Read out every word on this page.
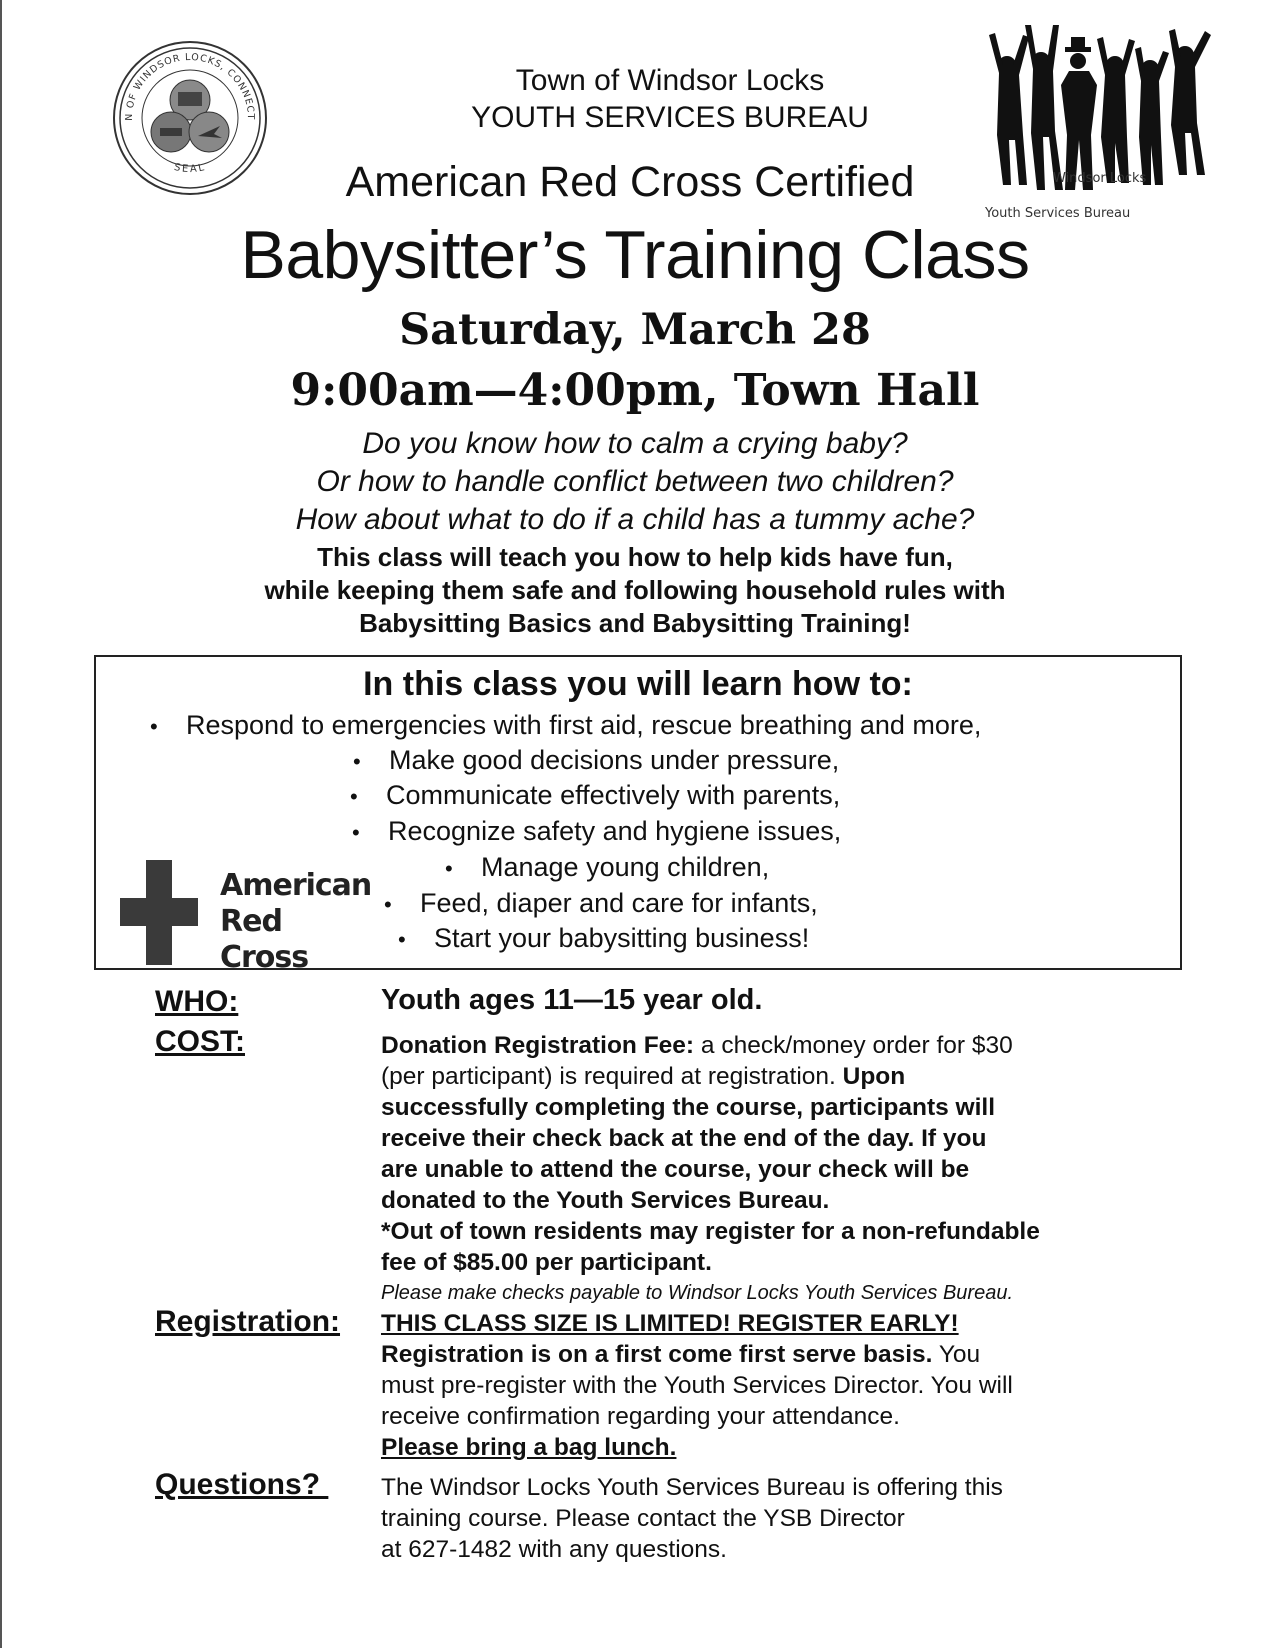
N OF WINDSOR LOCKS, CONNECT
SEAL
Town of Windsor Locks
YOUTH SERVICES BUREAU
Windsor Locks
Youth Services Bureau
American Red Cross Certified
Babysitter’s Training Class
Saturday, March 28
9:00am—4:00pm, Town Hall
Do you know how to calm a crying baby?
Or how to handle conflict between two children?
How about what to do if a child has a tummy ache?
This class will teach you how to help kids have fun,
while keeping them safe and following household rules with
Babysitting Basics and Babysitting Training!
In this class you will learn how to:
• Respond to emergencies with first aid, rescue breathing and more,
• Make good decisions under pressure,
• Communicate effectively with parents,
• Recognize safety and hygiene issues,
• Manage young children,
• Feed, diaper and care for infants,
• Start your babysitting business!
American
Red Cross
WHO:	Youth ages 11—15 year old.
COST:	Donation Registration Fee: a check/money order for $30
(per participant) is required at registration. Upon
successfully completing the course, participants will
receive their check back at the end of the day. If you
are unable to attend the course, your check will be
donated to the Youth Services Bureau.
*Out of town residents may register for a non-refundable
fee of $85.00 per participant.
Please make checks payable to Windsor Locks Youth Services Bureau.
Registration: THIS CLASS SIZE IS LIMITED! REGISTER EARLY!
Registration is on a first come first serve basis. You
must pre-register with the Youth Services Director. You will
receive confirmation regarding your attendance.
Please bring a bag lunch.
Questions? The Windsor Locks Youth Services Bureau is offering this
training course. Please contact the YSB Director
at 627-1482 with any questions.
